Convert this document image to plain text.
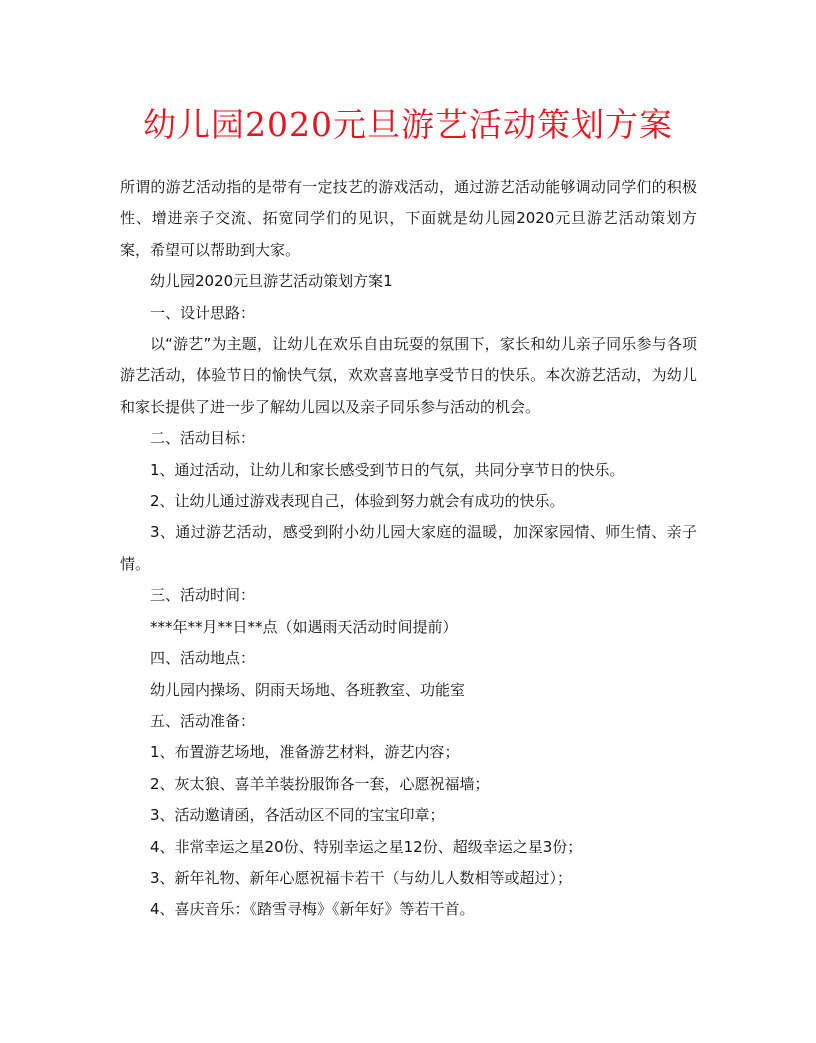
幼儿园2020元旦游艺活动策划方案

所谓的游艺活动指的是带有一定技艺的游戏活动，通过游艺活动能够调动同学们的积极性、增进亲子交流、拓宽同学们的见识，下面就是幼儿园2020元旦游艺活动策划方案，希望可以帮助到大家。

幼儿园2020元旦游艺活动策划方案1

一、设计思路：

以“游艺”为主题，让幼儿在欢乐自由玩耍的氛围下，家长和幼儿亲子同乐参与各项游艺活动，体验节日的愉快气氛，欢欢喜喜地享受节日的快乐。本次游艺活动，为幼儿和家长提供了进一步了解幼儿园以及亲子同乐参与活动的机会。

二、活动目标：

1、通过活动，让幼儿和家长感受到节日的气氛，共同分享节日的快乐。

2、让幼儿通过游戏表现自己，体验到努力就会有成功的快乐。

3、通过游艺活动，感受到附小幼儿园大家庭的温暖，加深家园情、师生情、亲子情。

三、活动时间：

***年**月**日**点（如遇雨天活动时间提前）

四、活动地点：

幼儿园内操场、阴雨天场地、各班教室、功能室

五、活动准备：

1、布置游艺场地，准备游艺材料，游艺内容；

2、灰太狼、喜羊羊装扮服饰各一套，心愿祝福墙；

3、活动邀请函，各活动区不同的宝宝印章；

4、非常幸运之星20份、特别幸运之星12份、超级幸运之星3份；

3、新年礼物、新年心愿祝福卡若干（与幼儿人数相等或超过）；

4、喜庆音乐：《踏雪寻梅》《新年好》等若干首。
